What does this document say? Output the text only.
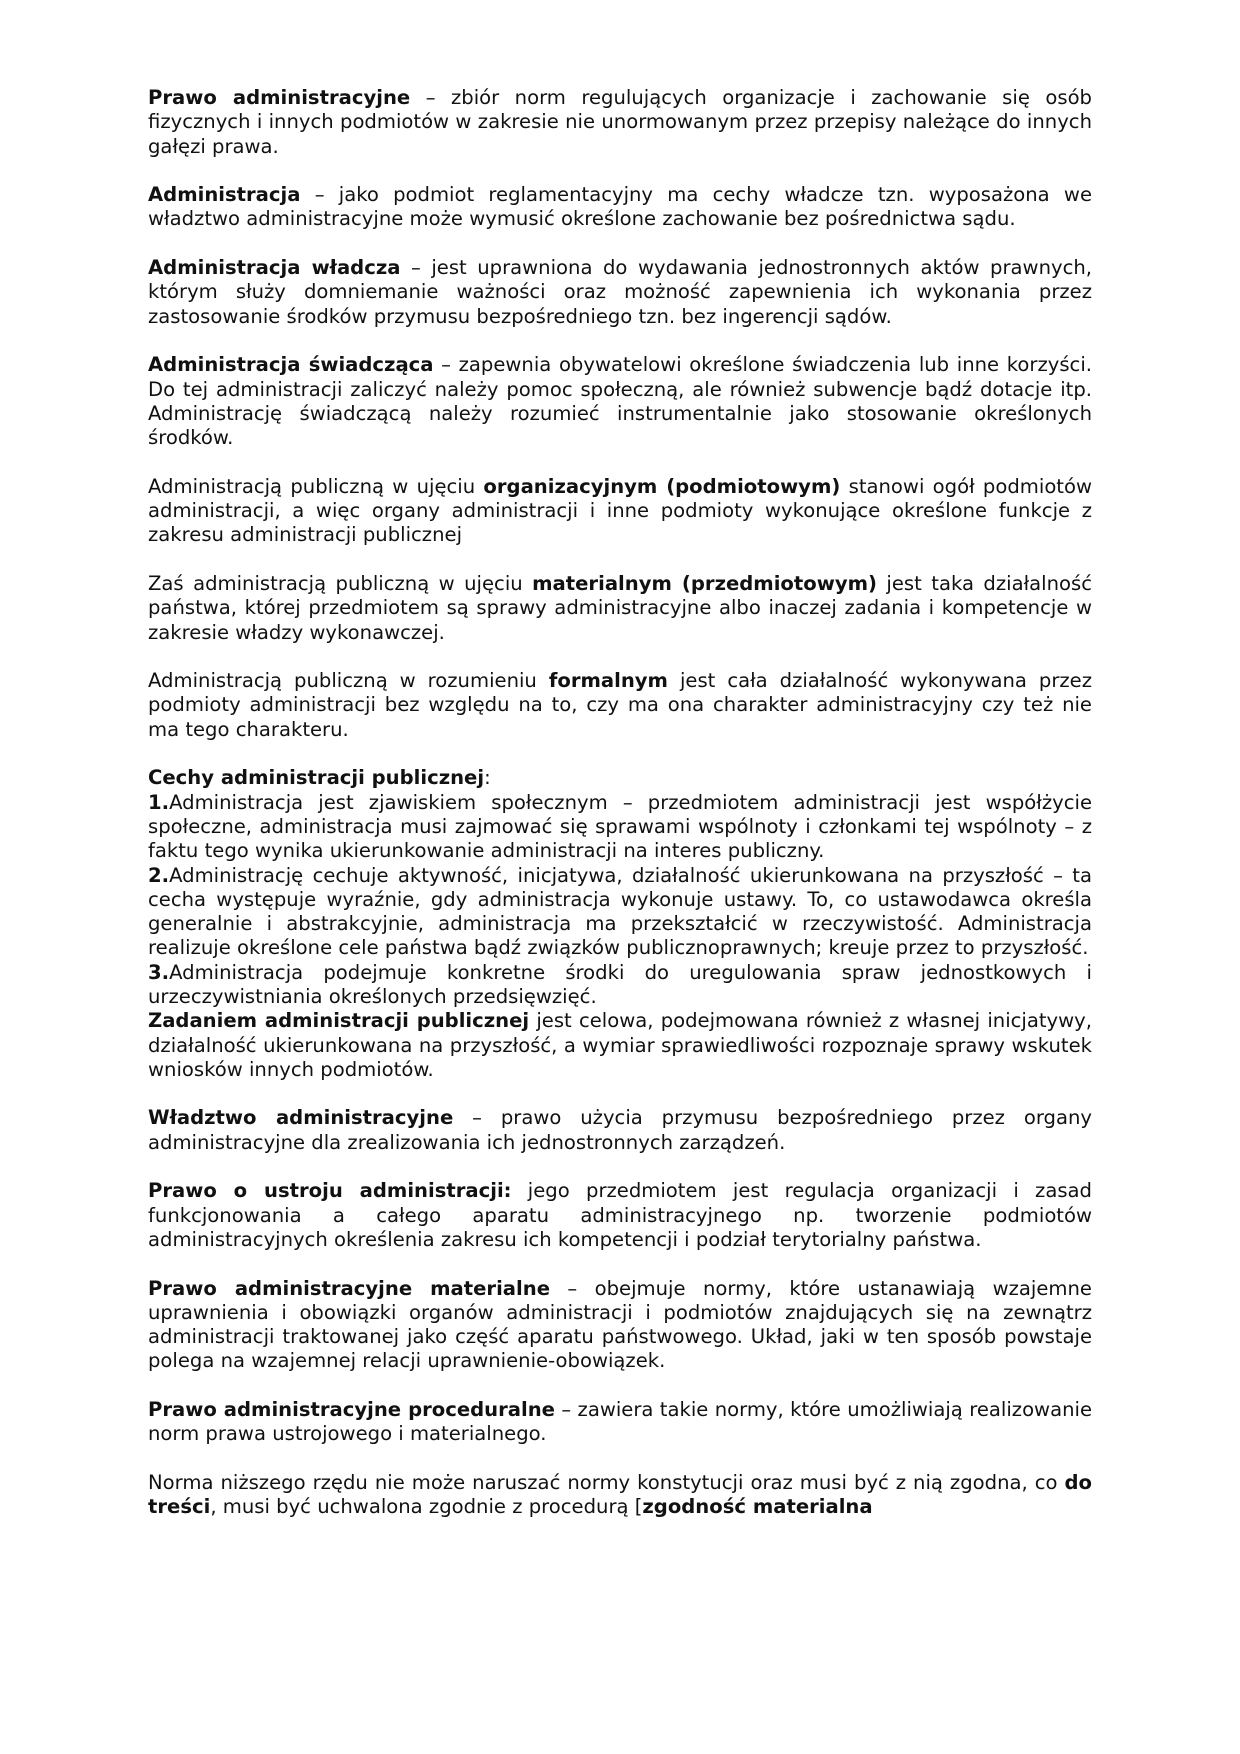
Prawo administracyjne – zbiór norm regulujących organizacje i zachowanie się osób fizycznych i innych podmiotów w zakresie nie unormowanym przez przepisy należące do innych gałęzi prawa.

Administracja – jako podmiot reglamentacyjny ma cechy władcze tzn. wyposażona we władztwo administracyjne może wymusić określone zachowanie bez pośrednictwa sądu.

Administracja władcza – jest uprawniona do wydawania jednostronnych aktów prawnych, którym służy domniemanie ważności oraz możność zapewnienia ich wykonania przez zastosowanie środków przymusu bezpośredniego tzn. bez ingerencji sądów.

Administracja świadcząca – zapewnia obywatelowi określone świadczenia lub inne korzyści. Do tej administracji zaliczyć należy pomoc społeczną, ale również subwencje bądź dotacje itp. Administrację świadczącą należy rozumieć instrumentalnie jako stosowanie określonych środków.

Administracją publiczną w ujęciu organizacyjnym (podmiotowym) stanowi ogół podmiotów administracji, a więc organy administracji i inne podmioty wykonujące określone funkcje z zakresu administracji publicznej

Zaś administracją publiczną w ujęciu materialnym (przedmiotowym) jest taka działalność państwa, której przedmiotem są sprawy administracyjne albo inaczej zadania i kompetencje w zakresie władzy wykonawczej.

Administracją publiczną w rozumieniu formalnym jest cała działalność wykonywana przez podmioty administracji bez względu na to, czy ma ona charakter administracyjny czy też nie ma tego charakteru.

Cechy administracji publicznej:
1.Administracja jest zjawiskiem społecznym – przedmiotem administracji jest współżycie społeczne, administracja musi zajmować się sprawami wspólnoty i członkami tej wspólnoty – z faktu tego wynika ukierunkowanie administracji na interes publiczny.
2.Administrację cechuje aktywność, inicjatywa, działalność ukierunkowana na przyszłość – ta cecha występuje wyraźnie, gdy administracja wykonuje ustawy. To, co ustawodawca określa generalnie i abstrakcyjnie, administracja ma przekształcić w rzeczywistość. Administracja realizuje określone cele państwa bądź związków publicznoprawnych; kreuje przez to przyszłość.
3.Administracja podejmuje konkretne środki do uregulowania spraw jednostkowych i urzeczywistniania określonych przedsięwzięć.

Zadaniem administracji publicznej jest celowa, podejmowana również z własnej inicjatywy, działalność ukierunkowana na przyszłość, a wymiar sprawiedliwości rozpoznaje sprawy wskutek wniosków innych podmiotów.

Władztwo administracyjne – prawo użycia przymusu bezpośredniego przez organy administracyjne dla zrealizowania ich jednostronnych zarządzeń.

Prawo o ustroju administracji: jego przedmiotem jest regulacja organizacji i zasad funkcjonowania a całego aparatu administracyjnego np. tworzenie podmiotów administracyjnych określenia zakresu ich kompetencji i podział terytorialny państwa.

Prawo administracyjne materialne – obejmuje normy, które ustanawiają wzajemne uprawnienia i obowiązki organów administracji i podmiotów znajdujących się na zewnątrz administracji traktowanej jako część aparatu państwowego. Układ, jaki w ten sposób powstaje polega na wzajemnej relacji uprawnienie-obowiązek.

Prawo administracyjne proceduralne – zawiera takie normy, które umożliwiają realizowanie norm prawa ustrojowego i materialnego.

Norma niższego rzędu nie może naruszać normy konstytucji oraz musi być z nią zgodna, co do treści, musi być uchwalona zgodnie z procedurą [zgodność materialna
